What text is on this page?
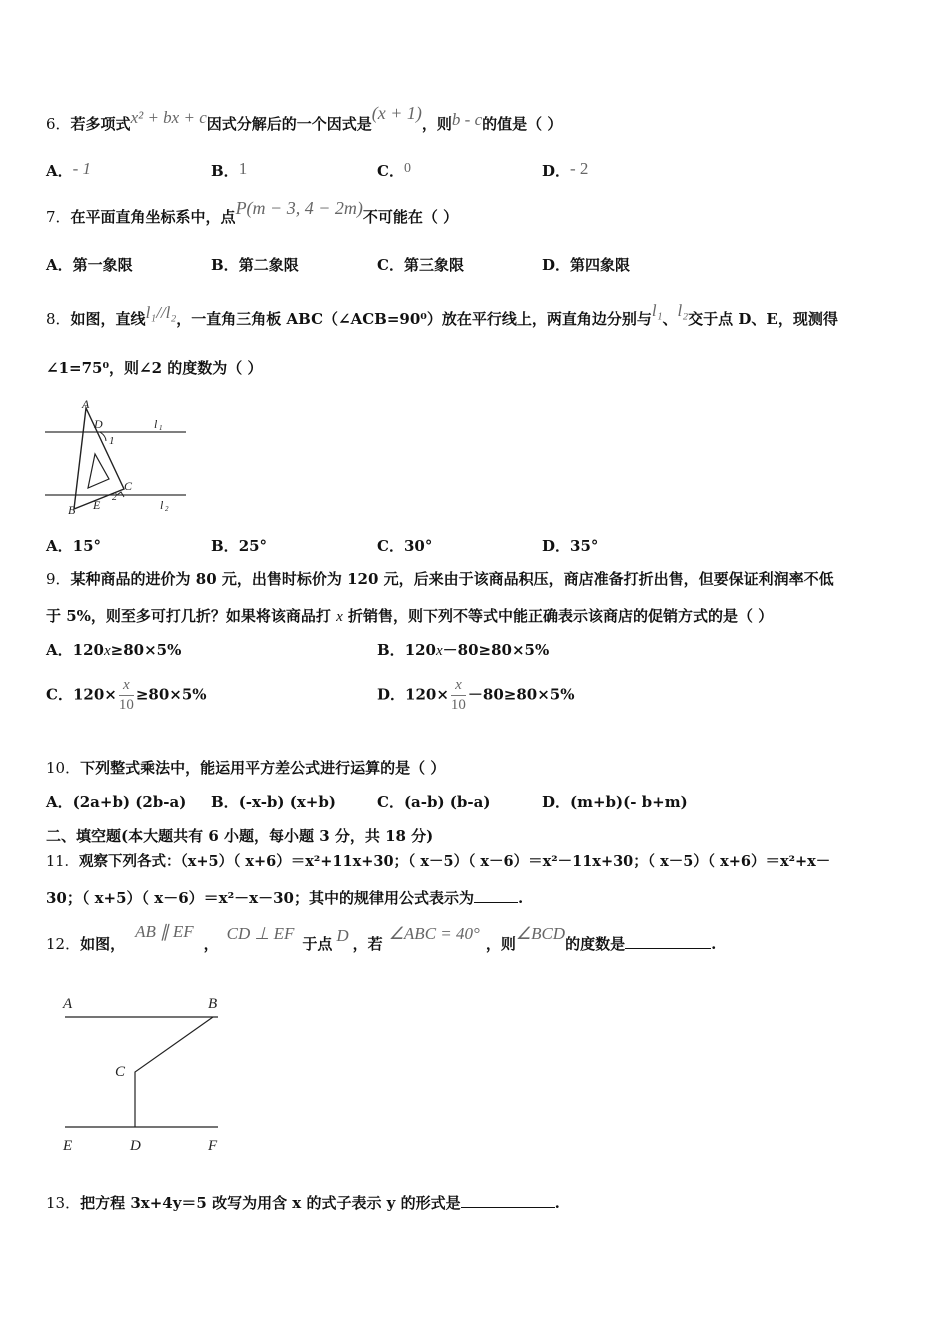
6．若多项式x² + bx + c因式分解后的一个因式是(x + 1)，则b - c的值是（ ）
A．- 1	B．1	C．0	D．- 2
7．在平面直角坐标系中，点P(m − 3, 4 − 2m)不可能在（ ）
A．第一象限	B．第二象限	C．第三象限	D．第四象限
8．如图，直线l₁//l₂，一直角三角板 ABC（∠ACB=90⁰）放在平行线上，两直角边分别与l₁、l₂交于点 D、E，现测得
∠1=75⁰，则∠2 的度数为（ ）
A
D
1
l 1
C
2
B E	l 2
A．15°	B．25°	C．30°	D．35°
9．某种商品的进价为 80 元，出售时标价为 120 元，后来由于该商品积压，商店准备打折出售，但要保证利润率不低
于 5%，则至多可打几折？如果将该商品打 x 折销售，则下列不等式中能正确表示该商店的促销方式的是（ ）
A．120x≥80×5%	B．120x－80≥80×5%
C．$120\times \frac{x}{10} \ge 80\times 5\%$	D．$120\times \frac{x}{10} -80\ge 80\times 5\%$
10．下列整式乘法中，能运用平方差公式进行运算的是（ ）
A．(2a+b) (2b-a) B．(-x-b) (x+b)	C．(a-b) (b-a)	D．(m+b)(- b+m)
二、填空题(本大题共有 6 小题，每小题 3 分，共 18 分)
11．观察下列各式：（x+5）（ x+6）＝x²+11x+30；（ x－5）（ x－6）＝x²－11x+30；（ x－5）（ x+6）＝x²+x－
30；（ x+5）（ x－6）＝x²－x－30；其中的规律用公式表示为	.
12．如图，AB ∥ EF，CD ⊥ EF于点 D ，若∠ABC = 40°，则∠BCD的度数是	.
A	B
C
E	D	F
13．把方程 3x+4y＝5 改写为用含 x 的式子表示 y 的形式是	.
